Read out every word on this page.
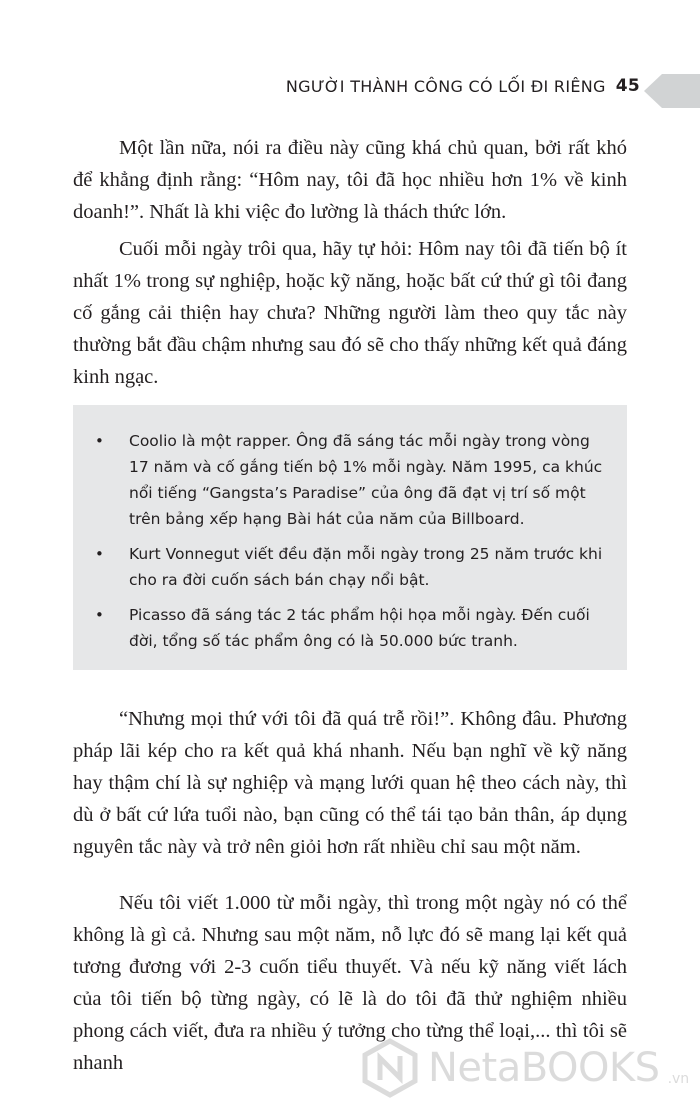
NGƯỜI THÀNH CÔNG CÓ LỐI ĐI RIÊNG 45

Một lần nữa, nói ra điều này cũng khá chủ quan, bởi rất khó để khẳng định rằng: “Hôm nay, tôi đã học nhiều hơn 1% về kinh doanh!”. Nhất là khi việc đo lường là thách thức lớn.

Cuối mỗi ngày trôi qua, hãy tự hỏi: Hôm nay tôi đã tiến bộ ít nhất 1% trong sự nghiệp, hoặc kỹ năng, hoặc bất cứ thứ gì tôi đang cố gắng cải thiện hay chưa? Những người làm theo quy tắc này thường bắt đầu chậm nhưng sau đó sẽ cho thấy những kết quả đáng kinh ngạc.

• Coolio là một rapper. Ông đã sáng tác mỗi ngày trong vòng 17 năm và cố gắng tiến bộ 1% mỗi ngày. Năm 1995, ca khúc nổi tiếng “Gangsta’s Paradise” của ông đã đạt vị trí số một trên bảng xếp hạng Bài hát của năm của Billboard.
• Kurt Vonnegut viết đều đặn mỗi ngày trong 25 năm trước khi cho ra đời cuốn sách bán chạy nổi bật.
• Picasso đã sáng tác 2 tác phẩm hội họa mỗi ngày. Đến cuối đời, tổng số tác phẩm ông có là 50.000 bức tranh.

“Nhưng mọi thứ với tôi đã quá trễ rồi!”. Không đâu. Phương pháp lãi kép cho ra kết quả khá nhanh. Nếu bạn nghĩ về kỹ năng hay thậm chí là sự nghiệp và mạng lưới quan hệ theo cách này, thì dù ở bất cứ lứa tuổi nào, bạn cũng có thể tái tạo bản thân, áp dụng nguyên tắc này và trở nên giỏi hơn rất nhiều chỉ sau một năm.

Nếu tôi viết 1.000 từ mỗi ngày, thì trong một ngày nó có thể không là gì cả. Nhưng sau một năm, nỗ lực đó sẽ mang lại kết quả tương đương với 2-3 cuốn tiểu thuyết. Và nếu kỹ năng viết lách của tôi tiến bộ từng ngày, có lẽ là do tôi đã thử nghiệm nhiều phong cách viết, đưa ra nhiều ý tưởng cho từng thể loại,... thì tôi sẽ nhanh	NetaBOOKS .vn
